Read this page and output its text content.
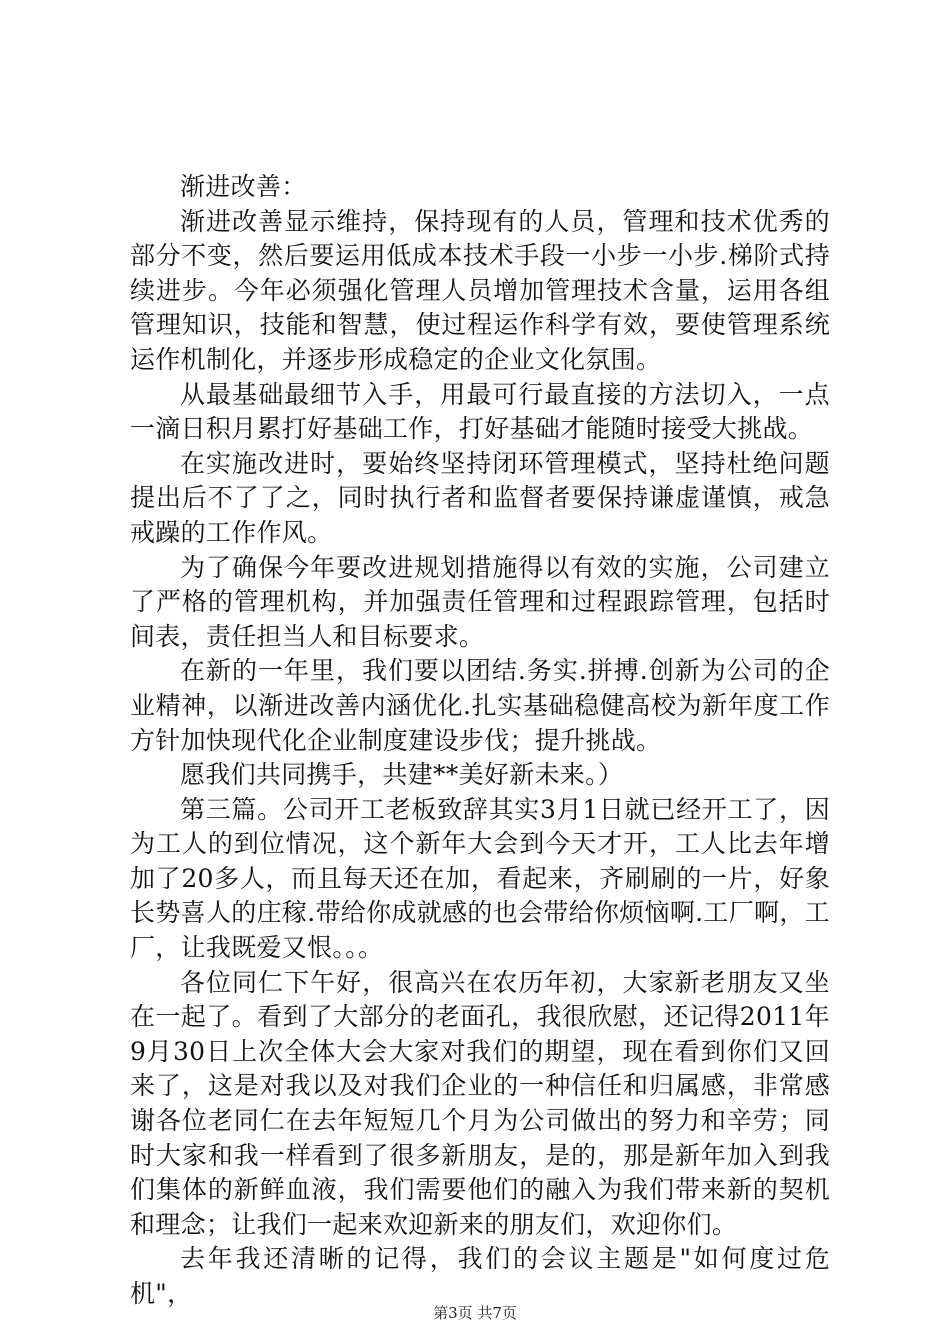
渐进改善：

渐进改善显示维持，保持现有的人员，管理和技术优秀的部分不变，然后要运用低成本技术手段一小步一小步.梯阶式持续进步。今年必须强化管理人员增加管理技术含量，运用各组管理知识，技能和智慧，使过程运作科学有效，要使管理系统运作机制化，并逐步形成稳定的企业文化氛围。

从最基础最细节入手，用最可行最直接的方法切入，一点一滴日积月累打好基础工作，打好基础才能随时接受大挑战。

在实施改进时，要始终坚持闭环管理模式，坚持杜绝问题提出后不了了之，同时执行者和监督者要保持谦虚谨慎，戒急戒躁的工作作风。

为了确保今年要改进规划措施得以有效的实施，公司建立了严格的管理机构，并加强责任管理和过程跟踪管理，包括时间表，责任担当人和目标要求。

在新的一年里，我们要以团结.务实.拼搏.创新为公司的企业精神，以渐进改善内涵优化.扎实基础稳健高校为新年度工作方针加快现代化企业制度建设步伐；提升挑战。

愿我们共同携手，共建**美好新未来。）

第三篇。公司开工老板致辞其实3月1日就已经开工了，因为工人的到位情况，这个新年大会到今天才开，工人比去年增加了20多人，而且每天还在加，看起来，齐刷刷的一片，好象长势喜人的庄稼.带给你成就感的也会带给你烦恼啊.工厂啊，工厂，让我既爱又恨。。。

各位同仁下午好，很高兴在农历年初，大家新老朋友又坐在一起了。看到了大部分的老面孔，我很欣慰，还记得2011年9月30日上次全体大会大家对我们的期望，现在看到你们又回来了，这是对我以及对我们企业的一种信任和归属感，非常感谢各位老同仁在去年短短几个月为公司做出的努力和辛劳；同时大家和我一样看到了很多新朋友，是的，那是新年加入到我们集体的新鲜血液，我们需要他们的融入为我们带来新的契机和理念；让我们一起来欢迎新来的朋友们，欢迎你们。

去年我还清晰的记得，我们的会议主题是"如何度过危机"，

第3页 共7页
